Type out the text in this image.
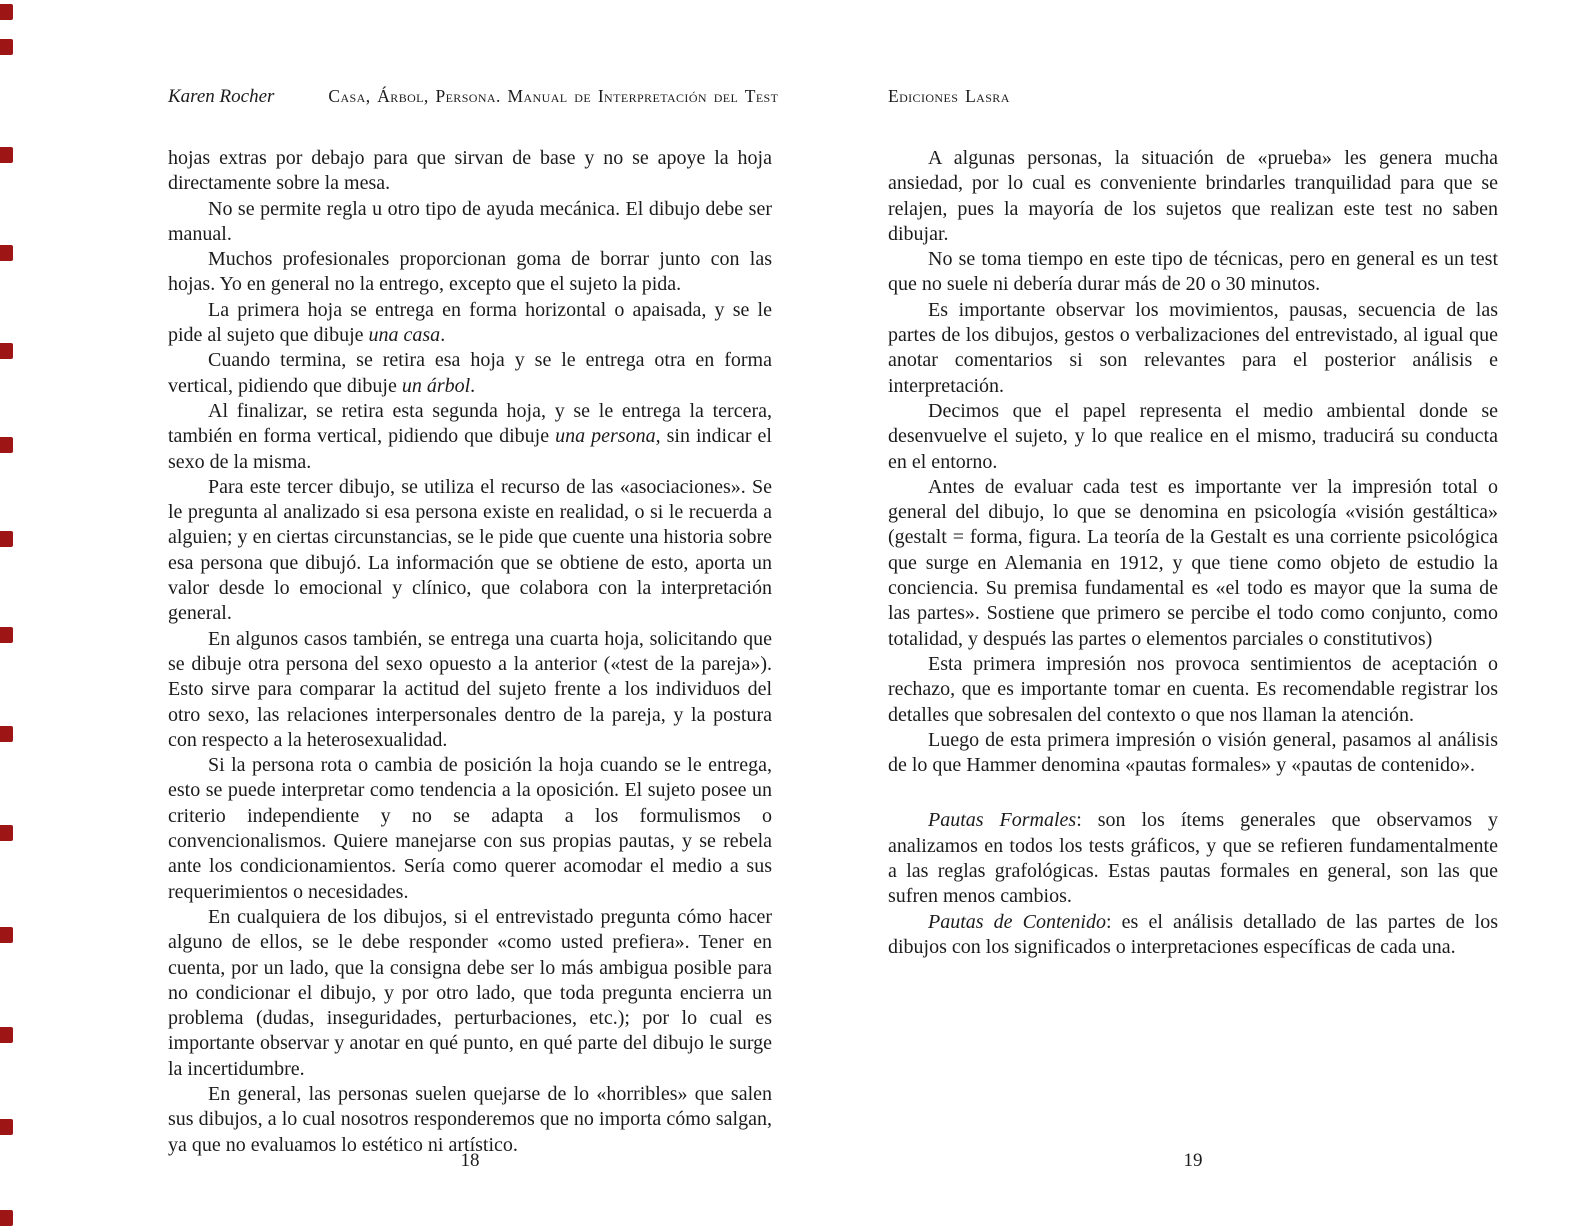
Karen Rocher	Casa, Árbol, Persona. Manual de Interpretación del Test

hojas extras por debajo para que sirvan de base y no se apoye la hoja directamente sobre la mesa.

No se permite regla u otro tipo de ayuda mecánica. El dibujo debe ser manual.

Muchos profesionales proporcionan goma de borrar junto con las hojas. Yo en general no la entrego, excepto que el sujeto la pida.

La primera hoja se entrega en forma horizontal o apaisada, y se le pide al sujeto que dibuje una casa.

Cuando termina, se retira esa hoja y se le entrega otra en forma vertical, pidiendo que dibuje un árbol.

Al finalizar, se retira esta segunda hoja, y se le entrega la tercera, también en forma vertical, pidiendo que dibuje una persona, sin indicar el sexo de la misma.

Para este tercer dibujo, se utiliza el recurso de las «asociaciones». Se le pregunta al analizado si esa persona existe en realidad, o si le recuerda a alguien; y en ciertas circunstancias, se le pide que cuente una historia sobre esa persona que dibujó. La información que se obtiene de esto, aporta un valor desde lo emocional y clínico, que colabora con la interpretación general.

En algunos casos también, se entrega una cuarta hoja, solicitando que se dibuje otra persona del sexo opuesto a la anterior («test de la pareja»). Esto sirve para comparar la actitud del sujeto frente a los individuos del otro sexo, las relaciones interpersonales dentro de la pareja, y la postura con respecto a la heterosexualidad.

Si la persona rota o cambia de posición la hoja cuando se le entrega, esto se puede interpretar como tendencia a la oposición. El sujeto posee un criterio independiente y no se adapta a los formulismos o convencionalismos. Quiere manejarse con sus propias pautas, y se rebela ante los condicionamientos. Sería como querer acomodar el medio a sus requerimientos o necesidades.

En cualquiera de los dibujos, si el entrevistado pregunta cómo hacer alguno de ellos, se le debe responder «como usted prefiera». Tener en cuenta, por un lado, que la consigna debe ser lo más ambigua posible para no condicionar el dibujo, y por otro lado, que toda pregunta encierra un problema (dudas, inseguridades, perturbaciones, etc.); por lo cual es importante observar y anotar en qué punto, en qué parte del dibujo le surge la incertidumbre.

En general, las personas suelen quejarse de lo «horribles» que salen sus dibujos, a lo cual nosotros responderemos que no importa cómo salgan, ya que no evaluamos lo estético ni artístico.

18
Ediciones Lasra

A algunas personas, la situación de «prueba» les genera mucha ansiedad, por lo cual es conveniente brindarles tranquilidad para que se relajen, pues la mayoría de los sujetos que realizan este test no saben dibujar.

No se toma tiempo en este tipo de técnicas, pero en general es un test que no suele ni debería durar más de 20 o 30 minutos.

Es importante observar los movimientos, pausas, secuencia de las partes de los dibujos, gestos o verbalizaciones del entrevistado, al igual que anotar comentarios si son relevantes para el posterior análisis e interpretación.

Decimos que el papel representa el medio ambiental donde se desenvuelve el sujeto, y lo que realice en el mismo, traducirá su conducta en el entorno.

Antes de evaluar cada test es importante ver la impresión total o general del dibujo, lo que se denomina en psicología «visión gestáltica» (gestalt = forma, figura. La teoría de la Gestalt es una corriente psicológica que surge en Alemania en 1912, y que tiene como objeto de estudio la conciencia. Su premisa fundamental es «el todo es mayor que la suma de las partes». Sostiene que primero se percibe el todo como conjunto, como totalidad, y después las partes o elementos parciales o constitutivos)

Esta primera impresión nos provoca sentimientos de aceptación o rechazo, que es importante tomar en cuenta. Es recomendable registrar los detalles que sobresalen del contexto o que nos llaman la atención.

Luego de esta primera impresión o visión general, pasamos al análisis de lo que Hammer denomina «pautas formales» y «pautas de contenido».

Pautas Formales: son los ítems generales que observamos y analizamos en todos los tests gráficos, y que se refieren fundamentalmente a las reglas grafológicas. Estas pautas formales en general, son las que sufren menos cambios.

Pautas de Contenido: es el análisis detallado de las partes de los dibujos con los significados o interpretaciones específicas de cada una.

19
